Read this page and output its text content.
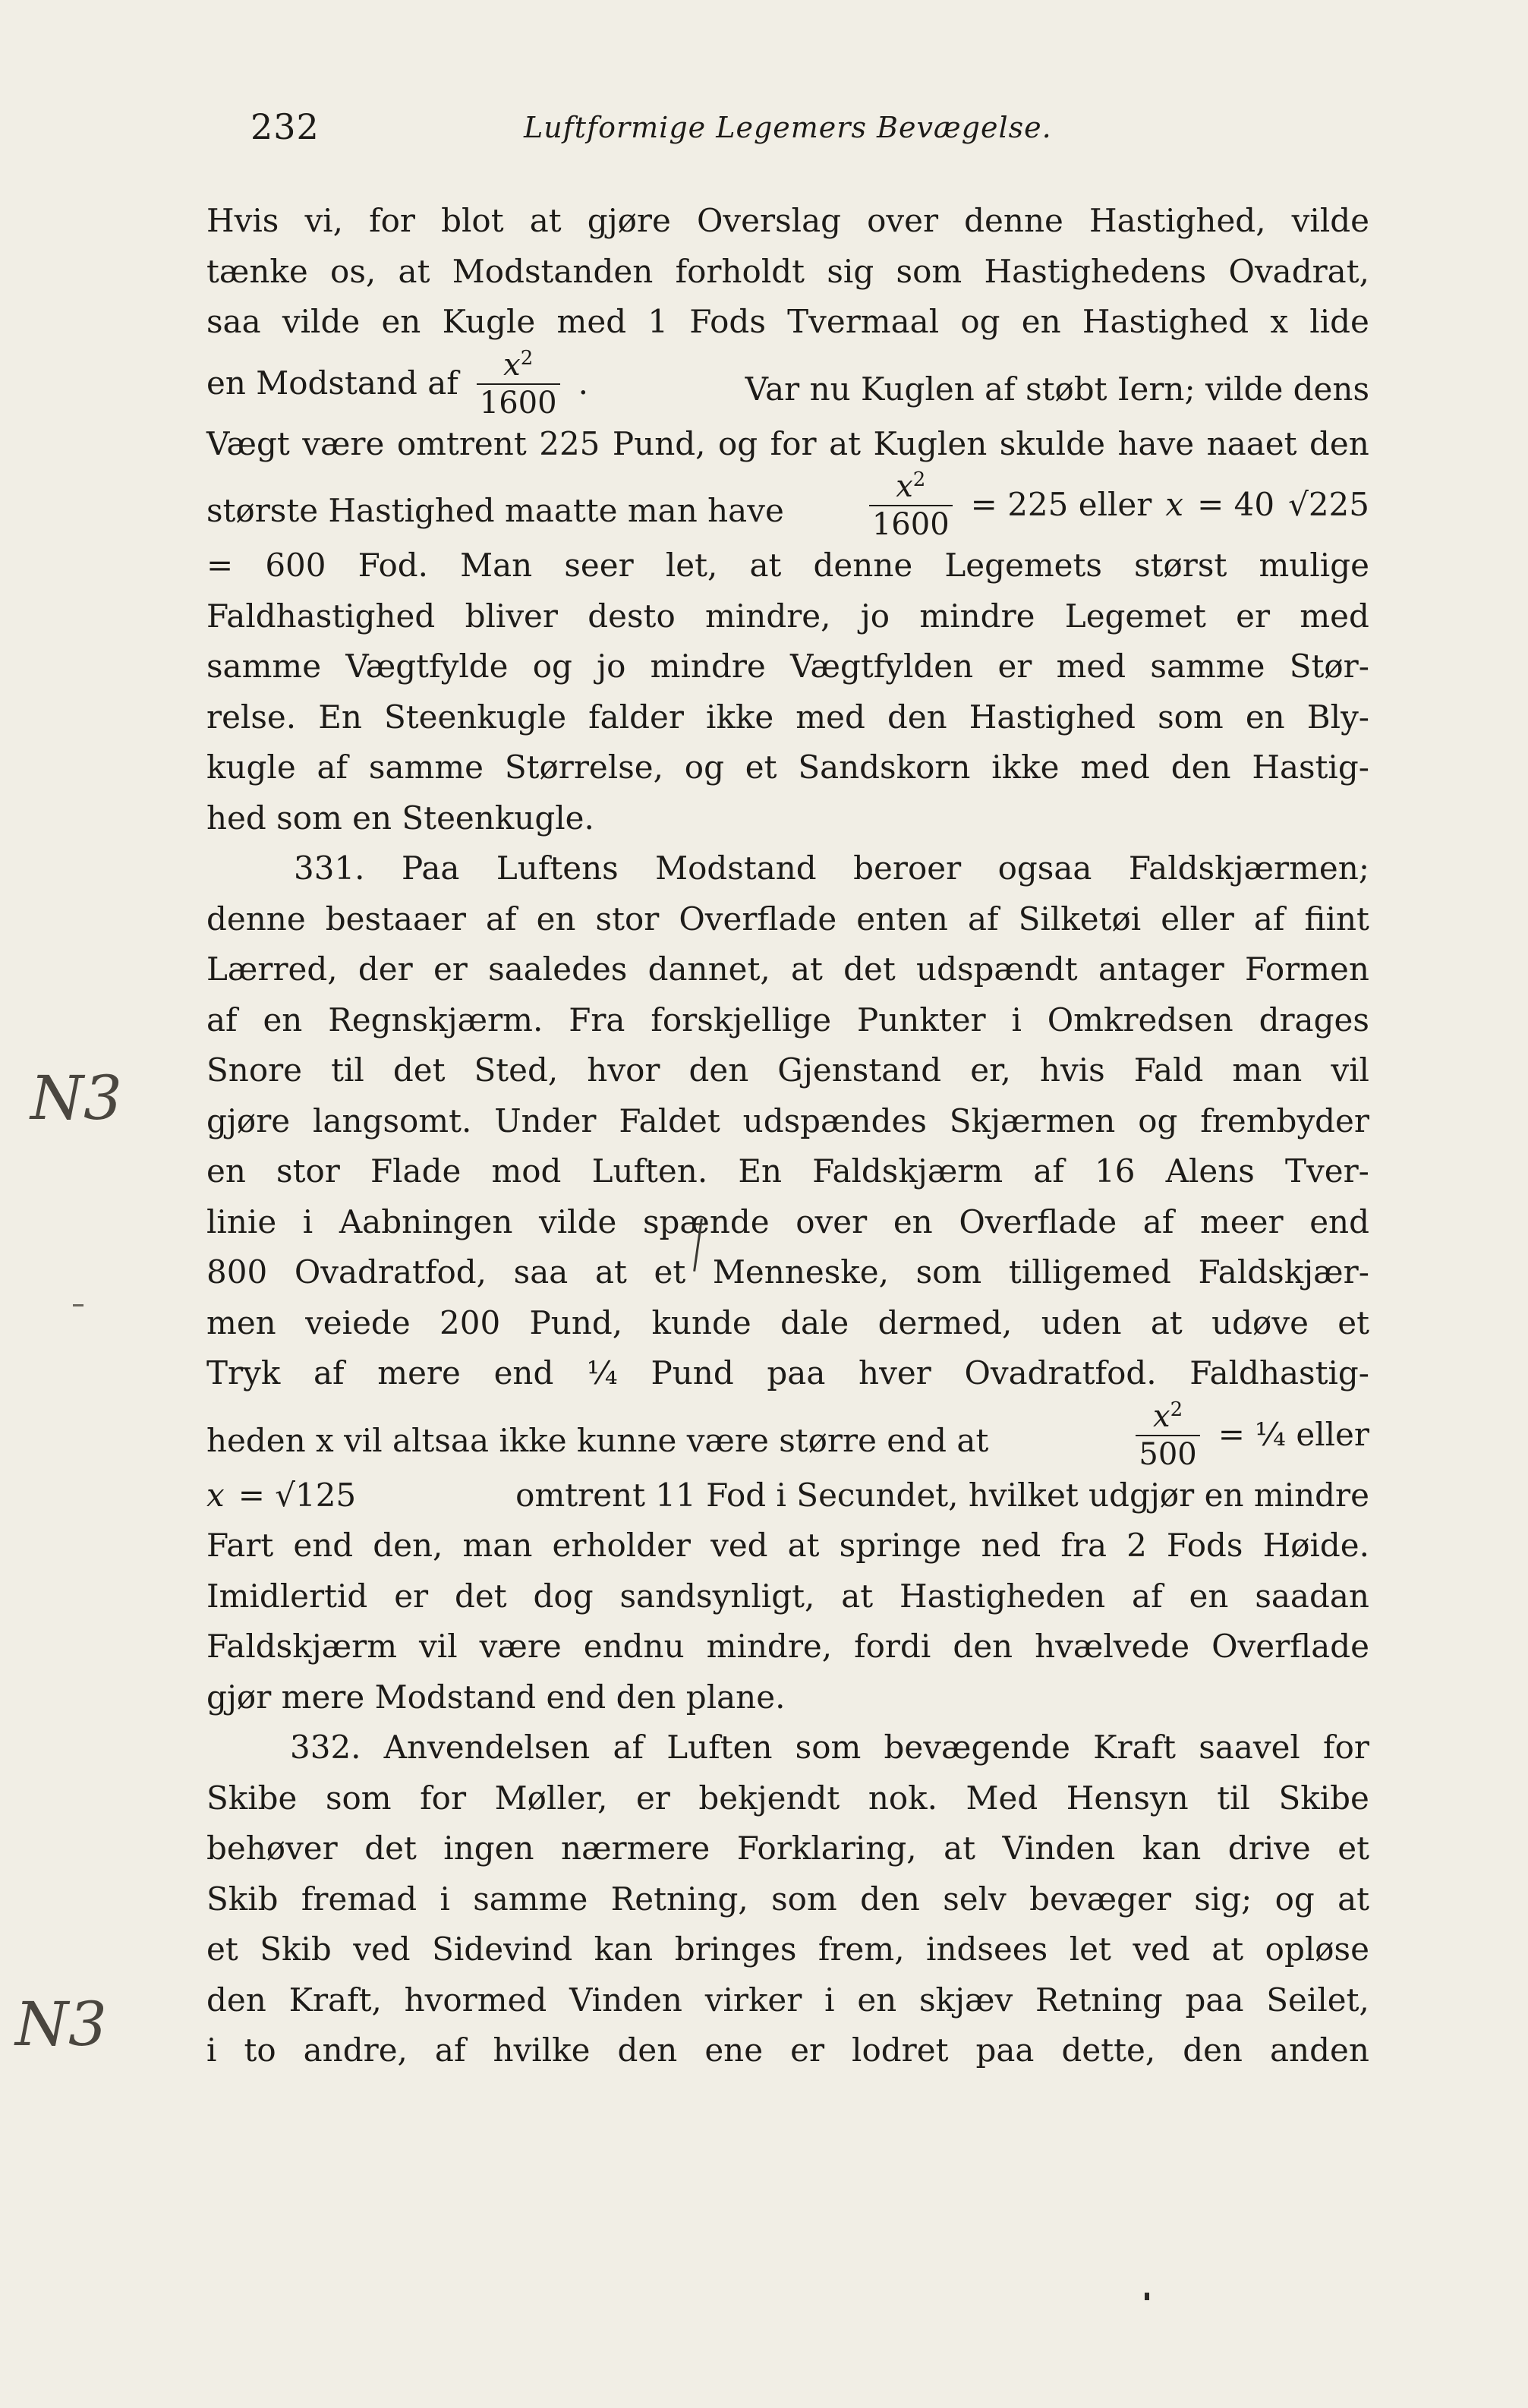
232	Luftformige Legemers Bevægelse.
Hvis vi, for blot at gjøre Overslag over denne Hastighed, vilde
tænke os, at Modstanden forholdt sig som Hastighedens Ovadrat,
saa vilde en Kugle med 1 Fods Tvermaal og en Hastighed x lide
en Modstand af $\frac{x^2}{1600}$ .	Var nu Kuglen af støbt Iern; vilde dens
Vægt være omtrent 225 Pund, og for at Kuglen skulde have naaet den
største Hastighed maatte man have	$\frac{x^2}{1600} = 225$ eller x = 40 √225
= 600 Fod. Man seer let, at denne Legemets størst mulige
Faldhastighed bliver desto mindre, jo mindre Legemet er med
samme Vægtfylde og jo mindre Vægtfylden er med samme Stør-
relse. En Steenkugle falder ikke med den Hastighed som en Bly-
kugle af samme Størrelse, og et Sandskorn ikke med den Hastig-
hed som en Steenkugle.
331. Paa Luftens Modstand beroer ogsaa Faldskjærmen;
denne bestaaer af en stor Overflade enten af Silketøi eller af fiint
Lærred, der er saaledes dannet, at det udspændt antager Formen
af en Regnskjærm. Fra forskjellige Punkter i Omkredsen drages
Snore til det Sted, hvor den Gjenstand er, hvis Fald man vil
gjøre langsomt. Under Faldet udspændes Skjærmen og frembyder
en stor Flade mod Luften. En Faldskjærm af 16 Alens Tver-
linie i Aabningen vilde spænde over en Overflade af meer end
800 Ovadratfod, saa at et Menneske, som tilligemed Faldskjær-
men veiede 200 Pund, kunde dale dermed, uden at udøve et
Tryk af mere end ¼ Pund paa hver Ovadratfod. Faldhastig-
heden x vil altsaa ikke kunne være større end at	$\frac{x^2}{500}$ = ¼ eller
x = √125	omtrent 11 Fod i Secundet, hvilket udgjør en mindre
Fart end den, man erholder ved at springe ned fra 2 Fods Høide.
Imidlertid er det dog sandsynligt, at Hastigheden af en saadan
Faldskjærm vil være endnu mindre, fordi den hvælvede Overflade
gjør mere Modstand end den plane.
332. Anvendelsen af Luften som bevægende Kraft saavel for
Skibe som for Møller, er bekjendt nok. Med Hensyn til Skibe
behøver det ingen nærmere Forklaring, at Vinden kan drive et
Skib fremad i samme Retning, som den selv bevæger sig; og at
et Skib ved Sidevind kan bringes frem, indsees let ved at opløse
den Kraft, hvormed Vinden virker i en skjæv Retning paa Seilet,
i to andre, af hvilke den ene er lodret paa dette, den anden
N3
N3
